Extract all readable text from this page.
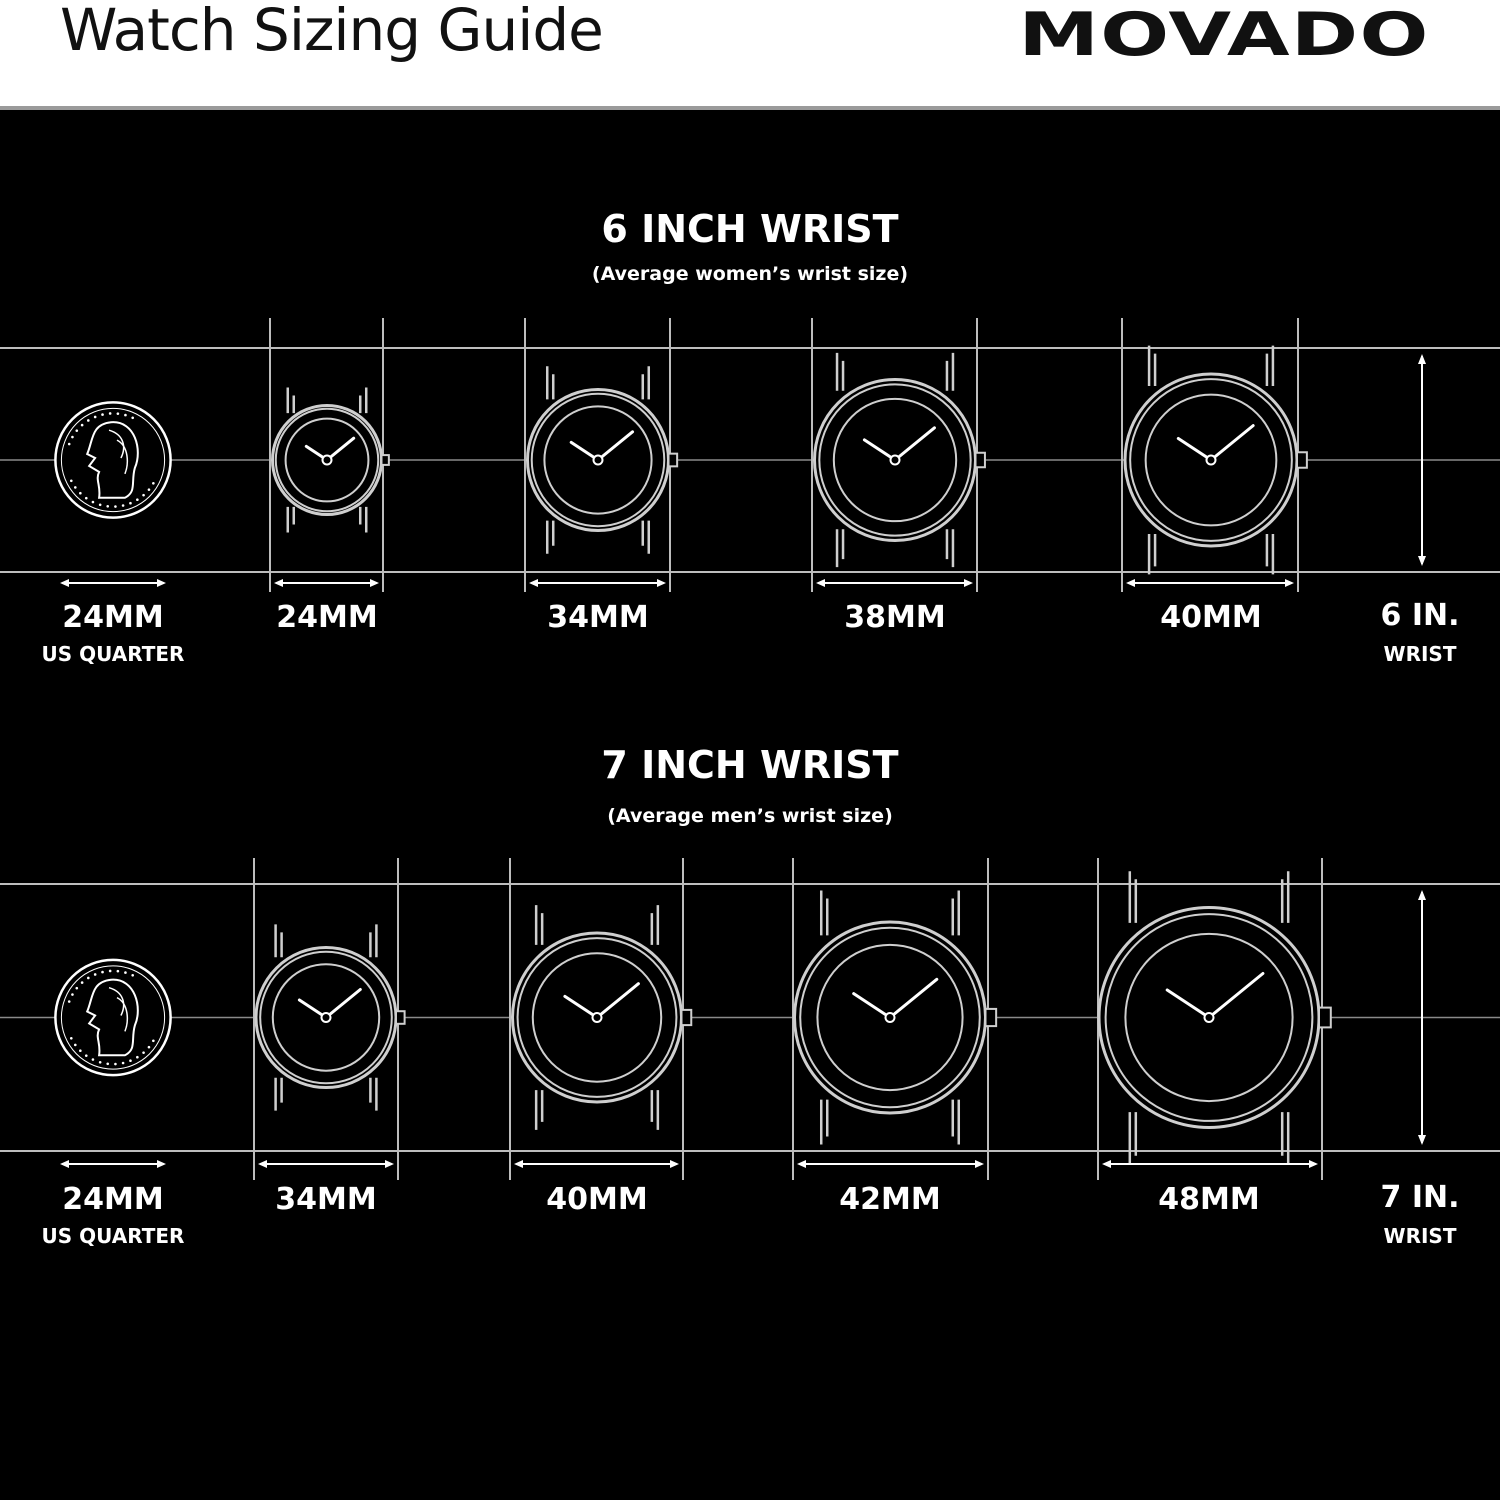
Watch Sizing Guide	MOVADO
6 INCH WRIST
(Average women’s wrist size)
24MM
US QUARTER
24MM	34MM	38MM	40MM	6 IN.
WRIST
7 INCH WRIST
(Average men’s wrist size)
24MM
US QUARTER
34MM	40MM	42MM	48MM	7 IN.
WRIST
